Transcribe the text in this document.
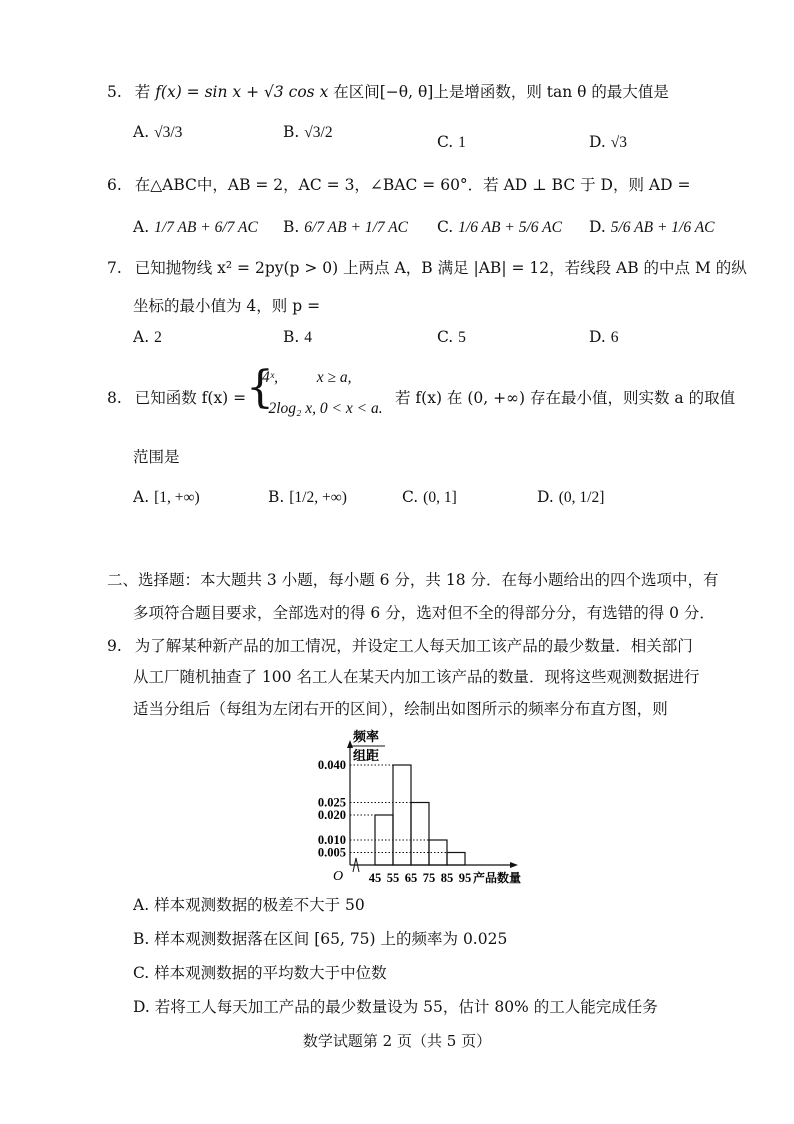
5. 若 f(x) = sin x + √3 cos x 在区间[−θ, θ]上是增函数，则 tan θ 的最大值是
A. √3/3	B. √3/2
C. 1	D. √3
6. 在△ABC中，AB = 2，AC = 3，∠BAC = 60°．若 AD ⊥ BC 于 D，则 AD =
A. 1/7 AB + 6/7 AC B. 6/7 AB + 1/7 AC C. 1/6 AB + 5/6 AC D. 5/6 AB + 1/6 AC
7. 已知抛物线 x² = 2py(p > 0) 上两点 A，B 满足 |AB| = 12，若线段 AB 的中点 M 的纵
坐标的最小值为 4，则 p =
A. 2	B. 4	C. 5	D. 6
8. 已知函数 f(x) = {
4ˣ,          x ≥ a,
−2log₂ x, 0 < x < a.
若 f(x) 在 (0, +∞) 存在最小值，则实数 a 的取值
范围是
A. [1, +∞)	B. [1/2, +∞)	C. (0, 1]	D. (0, 1/2]
二、选择题：本大题共 3 小题，每小题 6 分，共 18 分．在每小题给出的四个选项中，有
多项符合题目要求，全部选对的得 6 分，选对但不全的得部分分，有选错的得 0 分．
9. 为了解某种新产品的加工情况，并设定工人每天加工该产品的最少数量．相关部门
从工厂随机抽查了 100 名工人在某天内加工该产品的数量．现将这些观测数据进行
适当分组后（每组为左闭右开的区间），绘制出如图所示的频率分布直方图，则
频率
组距
O	产品数量
0.040
0.025
0.020
0.010
0.005
45 55 65 75 85 95
A. 样本观测数据的极差不大于 50
B. 样本观测数据落在区间 [65, 75) 上的频率为 0.025
C. 样本观测数据的平均数大于中位数
D. 若将工人每天加工产品的最少数量设为 55，估计 80% 的工人能完成任务
数学试题第 2 页（共 5 页）
